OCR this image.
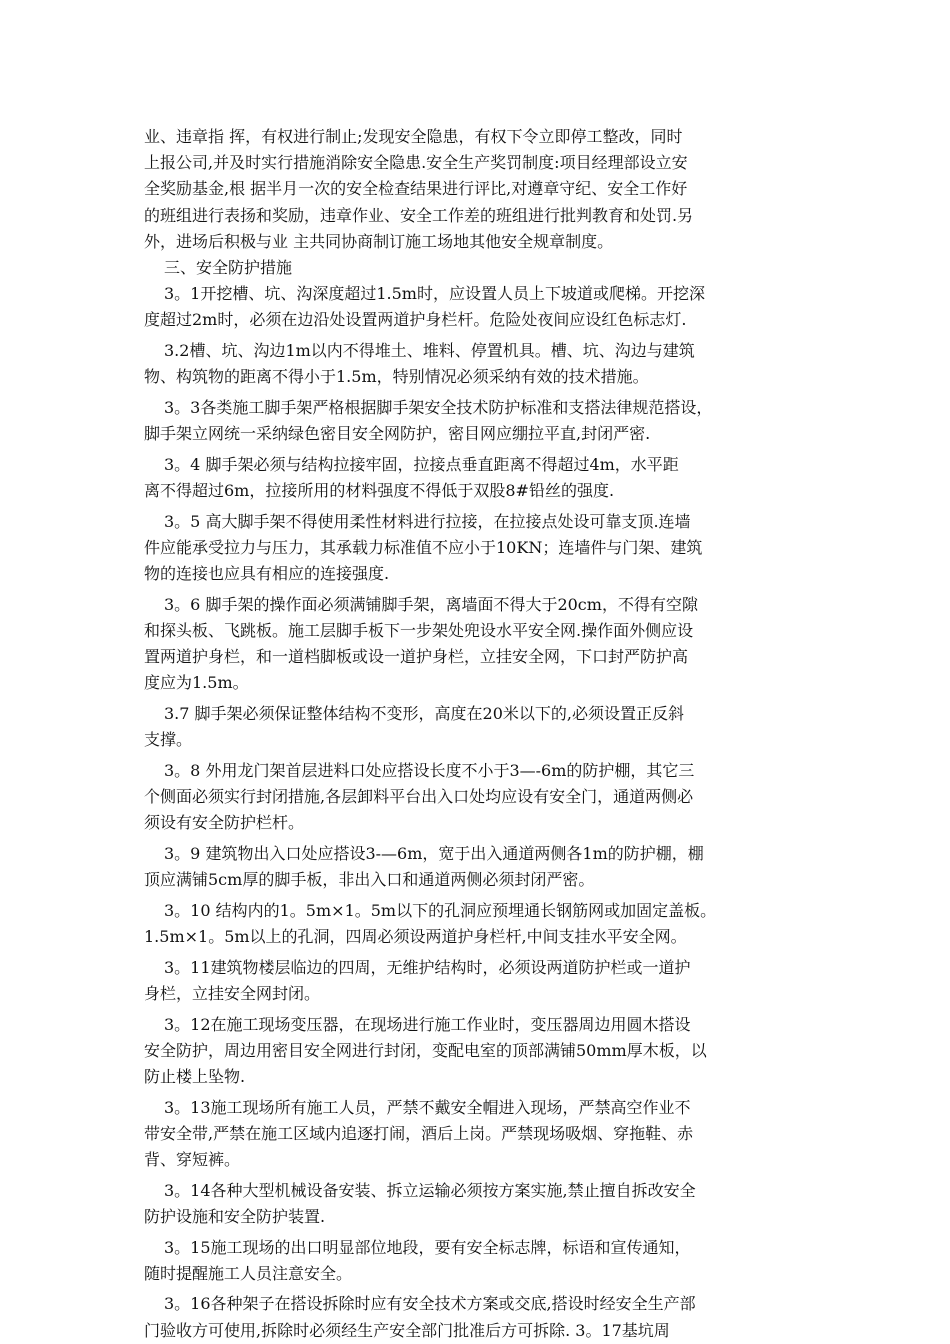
业、违章指 挥，有权进行制止;发现安全隐患，有权下令立即停工整改，同时
上报公司,并及时实行措施消除安全隐患.安全生产奖罚制度:项目经理部设立安
全奖励基金,根 据半月一次的安全检查结果进行评比,对遵章守纪、安全工作好
的班组进行表扬和奖励，违章作业、安全工作差的班组进行批判教育和处罚.另
外，进场后积极与业 主共同协商制订施工场地其他安全规章制度。
三、安全防护措施
3。1开挖槽、坑、沟深度超过1.5m时，应设置人员上下坡道或爬梯。开挖深
度超过2m时，必须在边沿处设置两道护身栏杆。危险处夜间应设红色标志灯.
3.2槽、坑、沟边1m以内不得堆土、堆料、停置机具。槽、坑、沟边与建筑
物、构筑物的距离不得小于1.5m，特别情况必须采纳有效的技术措施。
3。3各类施工脚手架严格根据脚手架安全技术防护标准和支搭法律规范搭设，
脚手架立网统一采纳绿色密目安全网防护，密目网应绷拉平直,封闭严密.
3。4 脚手架必须与结构拉接牢固，拉接点垂直距离不得超过4m，水平距
离不得超过6m，拉接所用的材料强度不得低于双股8#铅丝的强度.
3。5 高大脚手架不得使用柔性材料进行拉接，在拉接点处设可靠支顶.连墙
件应能承受拉力与压力，其承载力标准值不应小于10KN；连墙件与门架、建筑
物的连接也应具有相应的连接强度.
3。6 脚手架的操作面必须满铺脚手架，离墙面不得大于20cm，不得有空隙
和探头板、飞跳板。施工层脚手板下一步架处兜设水平安全网.操作面外侧应设
置两道护身栏，和一道档脚板或设一道护身栏，立挂安全网，下口封严防护高
度应为1.5m。
3.7 脚手架必须保证整体结构不变形，高度在20米以下的,必须设置正反斜
支撑。
3。8 外用龙门架首层进料口处应搭设长度不小于3—-6m的防护棚，其它三
个侧面必须实行封闭措施,各层卸料平台出入口处均应设有安全门，通道两侧必
须设有安全防护栏杆。
3。9 建筑物出入口处应搭设3-—6m，宽于出入通道两侧各1m的防护棚，棚
顶应满铺5cm厚的脚手板，非出入口和通道两侧必须封闭严密。
3。10 结构内的1。5m×1。5m以下的孔洞应预埋通长钢筋网或加固定盖板。
1.5m×1。5m以上的孔洞，四周必须设两道护身栏杆,中间支挂水平安全网。
3。11建筑物楼层临边的四周，无维护结构时，必须设两道防护栏或一道护
身栏，立挂安全网封闭。
3。12在施工现场变压器，在现场进行施工作业时，变压器周边用圆木搭设
安全防护，周边用密目安全网进行封闭，变配电室的顶部满铺50mm厚木板，以
防止楼上坠物.
3。13施工现场所有施工人员，严禁不戴安全帽进入现场，严禁高空作业不
带安全带,严禁在施工区域内追逐打闹，酒后上岗。严禁现场吸烟、穿拖鞋、赤
背、穿短裤。
3。14各种大型机械设备安装、拆立运输必须按方案实施,禁止擅自拆改安全
防护设施和安全防护装置.
3。15施工现场的出口明显部位地段，要有安全标志牌，标语和宣传通知，
随时提醒施工人员注意安全。
3。16各种架子在搭设拆除时应有安全技术方案或交底,搭设时经安全生产部
门验收方可使用,拆除时必须经生产安全部门批准后方可拆除. 3。17基坑周
